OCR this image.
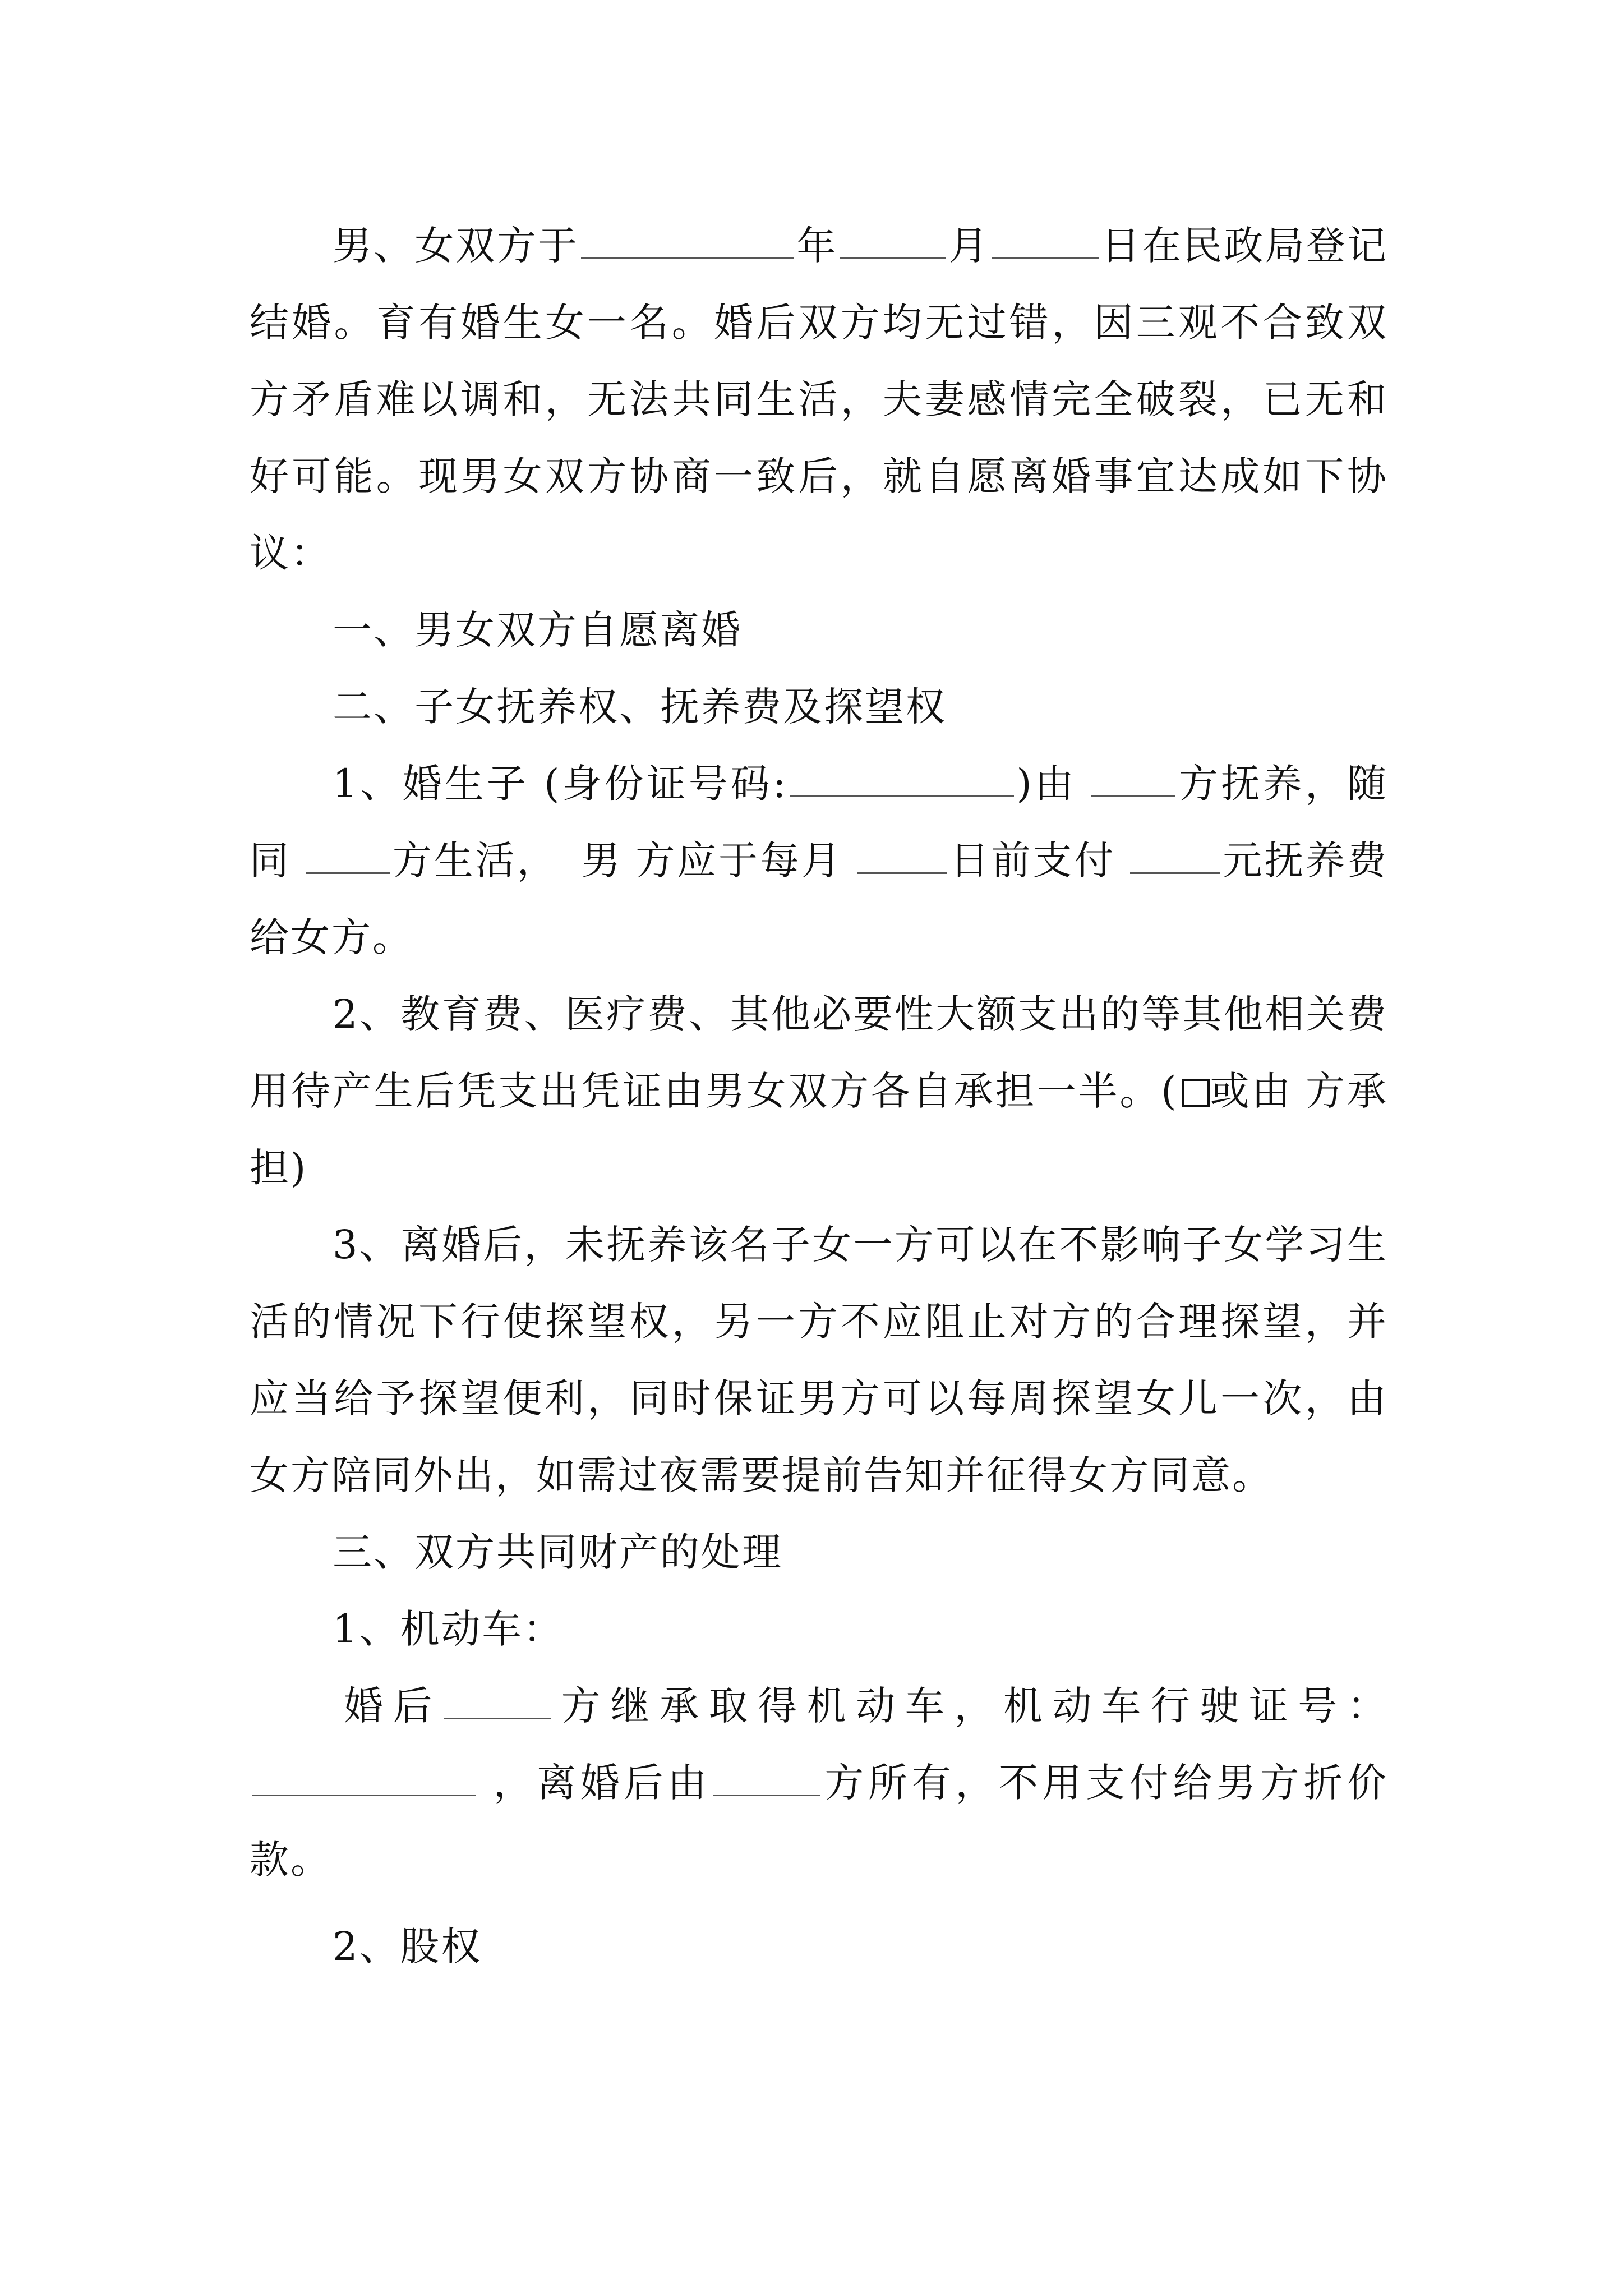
男、女双方于	年	月	日在民政局登记结婚。育有婚生女一名。婚后双方均无过错，因三观不合致双方矛盾难以调和，无法共同生活，夫妻感情完全破裂，已无和好可能。现男女双方协商一致后，就自愿离婚事宜达成如下协议：

一、男女双方自愿离婚

二、子女抚养权、抚养费及探望权

1、婚生子 (身份证号码:	)由	方抚养，随同	方生活， 男 方应于每月	日前支付	元抚养费给女方。

2、教育费、医疗费、其他必要性大额支出的等其他相关费用待产生后凭支出凭证由男女双方各自承担一半。( 或由 方承担)

3、离婚后，未抚养该名子女一方可以在不影响子女学习生活的情况下行使探望权，另一方不应阻止对方的合理探望，并应当给予探望便利，同时保证男方可以每周探望女儿一次，由女方陪同外出，如需过夜需要提前告知并征得女方同意。

三、双方共同财产的处理

1、机动车：

婚后	方继承取得机动车，机动车行驶证号：，离婚后由	方所有，不用支付给男方折价款。

2、股权
